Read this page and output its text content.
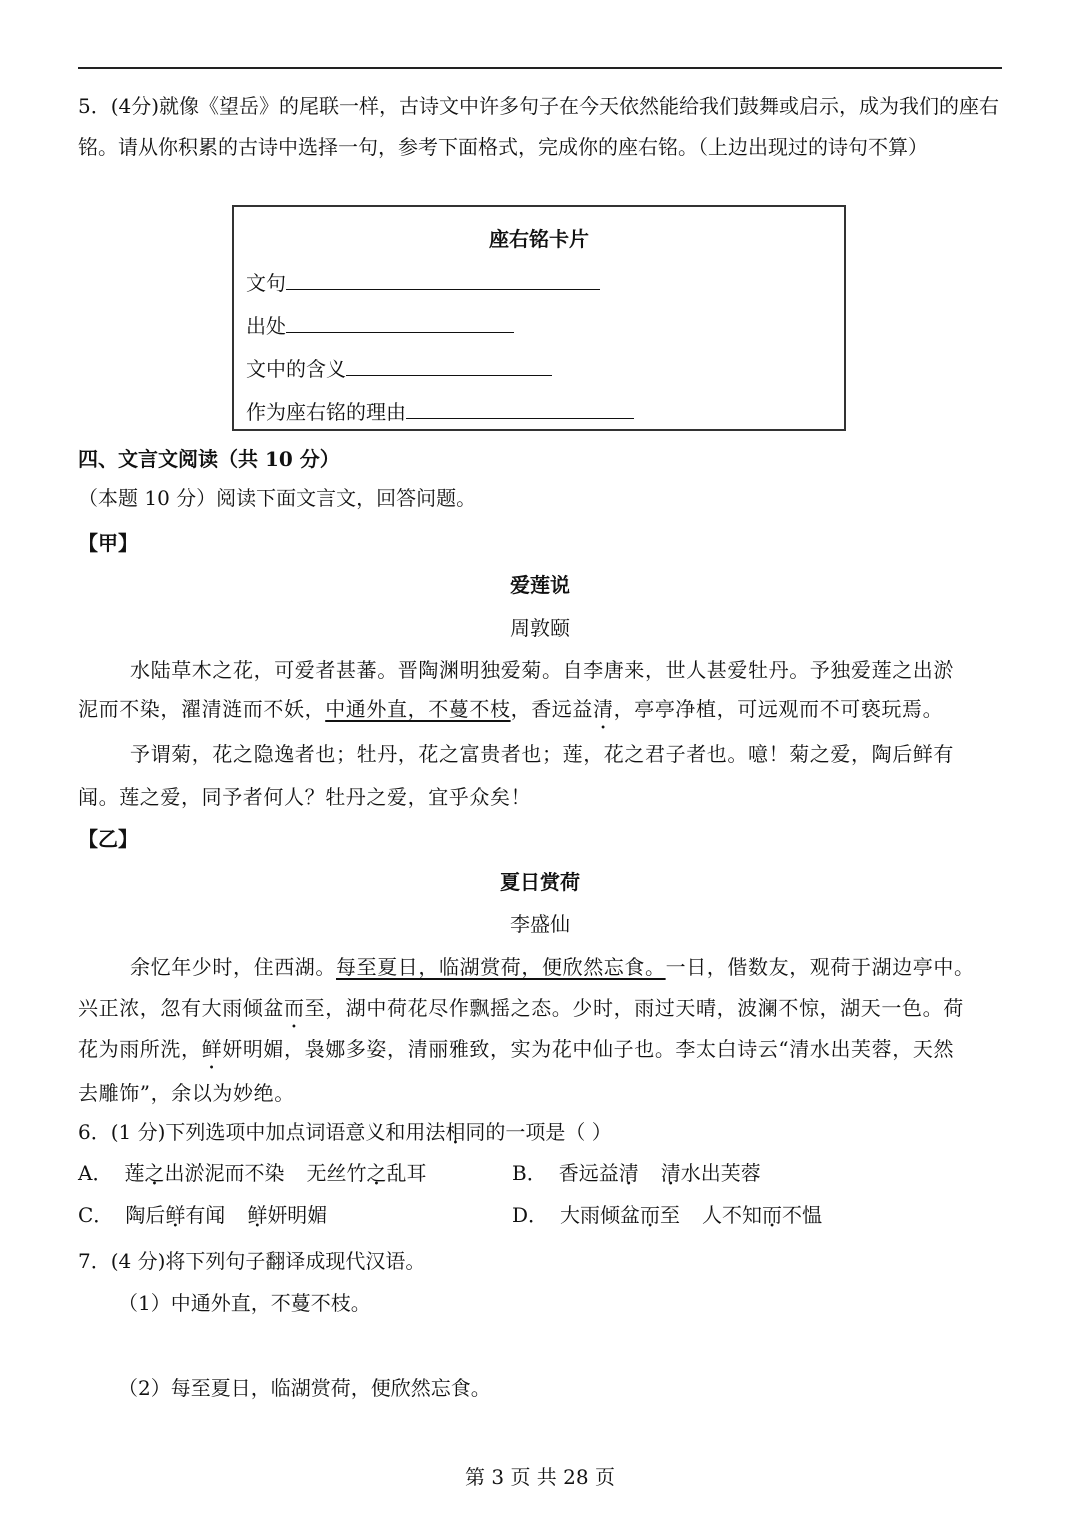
5．(4分)就像《望岳》的尾联一样，古诗文中许多句子在今天依然能给我们鼓舞或启示，成为我们的座右铭。请从你积累的古诗中选择一句，参考下面格式，完成你的座右铭。（上边出现过的诗句不算）
座右铭卡片
文句
出处
文中的含义
作为座右铭的理由
四、文言文阅读（共 10 分）
（本题 10 分）阅读下面文言文，回答问题。
【甲】
爱莲说
周敦颐
水陆草木之花，可爱者甚蕃。晋陶渊明独爱菊。自李唐来，世人甚爱牡丹。予独爱莲之出淤
泥而不染，濯清涟而不妖，中通外直，不蔓不枝，香远益清，亭亭净植，可远观而不可亵玩焉。
予谓菊，花之隐逸者也；牡丹，花之富贵者也；莲，花之君子者也。噫！菊之爱，陶后鲜有
闻。莲之爱，同予者何人？牡丹之爱，宜乎众矣！
【乙】
夏日赏荷
李盛仙
余忆年少时，住西湖。每至夏日，临湖赏荷，便欣然忘食。一日，偕数友，观荷于湖边亭中。
兴正浓，忽有大雨倾盆而至，湖中荷花尽作飘摇之态。少时，雨过天晴，波澜不惊，湖天一色。荷
花为雨所洗，鲜妍明媚，袅娜多姿，清丽雅致，实为花中仙子也。李太白诗云“清水出芙蓉，天然
去雕饰”，余以为妙绝。
6．(1 分)下列选项中加点词语意义和用法相同的一项是（ ）
A． 莲之出淤泥而不染 无丝竹之乱耳	B． 香远益清 清水出芙蓉
C． 陶后鲜有闻 鲜妍明媚	D． 大雨倾盆而至 人不知而不愠
7．(4 分)将下列句子翻译成现代汉语。
（1）中通外直，不蔓不枝。
（2）每至夏日，临湖赏荷，便欣然忘食。
第 3 页 共 28 页
